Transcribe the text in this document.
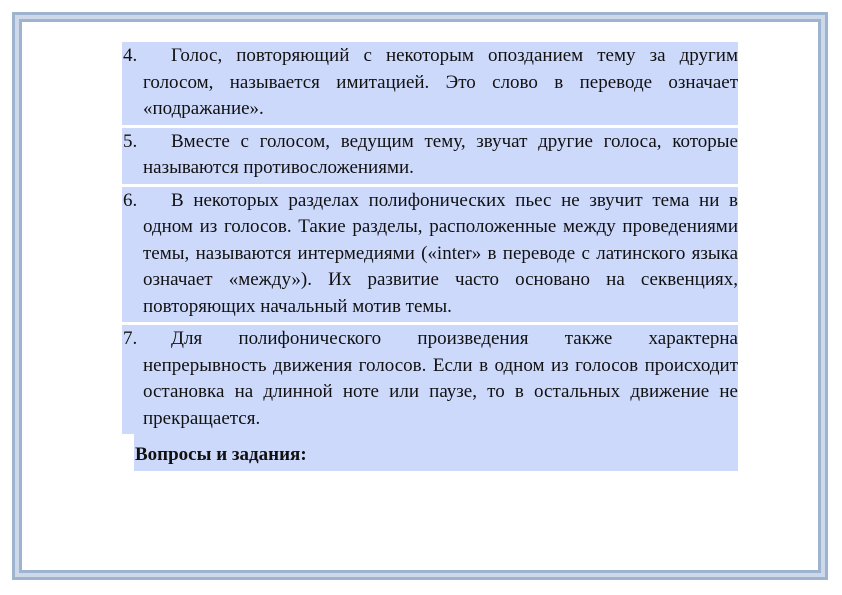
4.	Голос, повторяющий с некоторым опозданием тему за другим голосом, называется имитацией. Это слово в переводе означает «подражание».
5.	Вместе с голосом, ведущим тему, звучат другие голоса, которые называются противосложениями.
6.	В некоторых разделах полифонических пьес не звучит тема ни в одном из голосов. Такие разделы, расположенные между проведениями темы, называются интермедиями («inter» в переводе с латинского языка означает «между»). Их развитие часто основано на секвенциях, повторяющих начальный мотив темы.
7.	Для полифонического произведения также характерна непрерывность движения голосов. Если в одном из голосов происходит остановка на длинной ноте или паузе, то в остальных движение не прекращается.
Вопросы и задания:
